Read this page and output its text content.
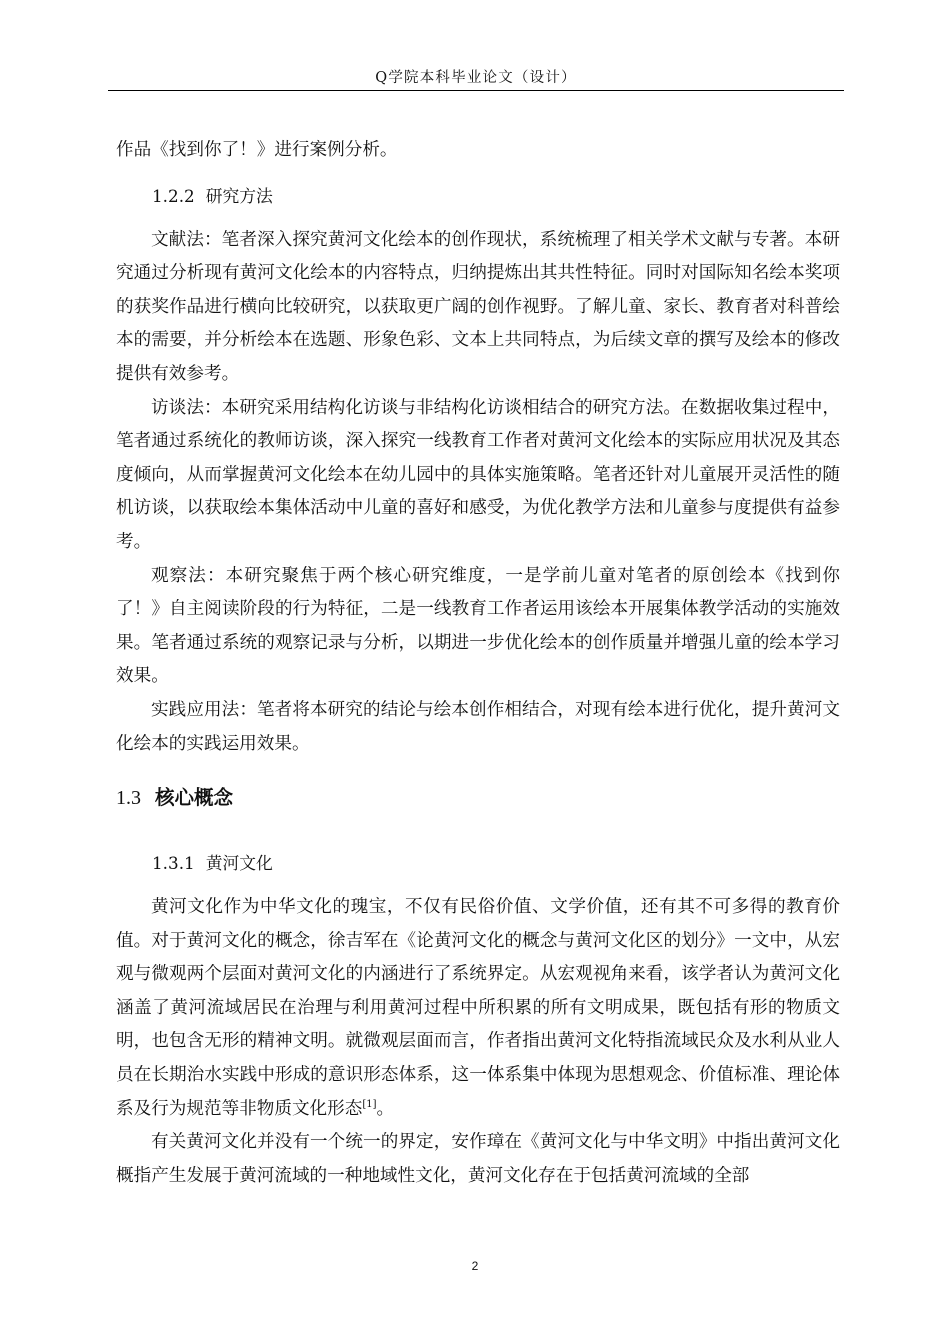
Q学院本科毕业论文（设计）

作品《找到你了！》进行案例分析。

1.2.2 研究方法

文献法：笔者深入探究黄河文化绘本的创作现状，系统梳理了相关学术文献与专著。本研究通过分析现有黄河文化绘本的内容特点，归纳提炼出其共性特征。同时对国际知名绘本奖项的获奖作品进行横向比较研究，以获取更广阔的创作视野。了解儿童、家长、教育者对科普绘本的需要，并分析绘本在选题、形象色彩、文本上共同特点，为后续文章的撰写及绘本的修改提供有效参考。

访谈法：本研究采用结构化访谈与非结构化访谈相结合的研究方法。在数据收集过程中，笔者通过系统化的教师访谈，深入探究一线教育工作者对黄河文化绘本的实际应用状况及其态度倾向，从而掌握黄河文化绘本在幼儿园中的具体实施策略。笔者还针对儿童展开灵活性的随机访谈，以获取绘本集体活动中儿童的喜好和感受，为优化教学方法和儿童参与度提供有益参考。

观察法：本研究聚焦于两个核心研究维度，一是学前儿童对笔者的原创绘本《找到你了！》自主阅读阶段的行为特征，二是一线教育工作者运用该绘本开展集体教学活动的实施效果。笔者通过系统的观察记录与分析，以期进一步优化绘本的创作质量并增强儿童的绘本学习效果。

实践应用法：笔者将本研究的结论与绘本创作相结合，对现有绘本进行优化，提升黄河文化绘本的实践运用效果。

1.3 核心概念
1.3.1 黄河文化

黄河文化作为中华文化的瑰宝，不仅有民俗价值、文学价值，还有其不可多得的教育价值。对于黄河文化的概念，徐吉军在《论黄河文化的概念与黄河文化区的划分》一文中，从宏观与微观两个层面对黄河文化的内涵进行了系统界定。从宏观视角来看，该学者认为黄河文化涵盖了黄河流域居民在治理与利用黄河过程中所积累的所有文明成果，既包括有形的物质文明，也包含无形的精神文明。就微观层面而言，作者指出黄河文化特指流域民众及水利从业人员在长期治水实践中形成的意识形态体系，这一体系集中体现为思想观念、价值标准、理论体系及行为规范等非物质文化形态[1]。

有关黄河文化并没有一个统一的界定，安作璋在《黄河文化与中华文明》中指出黄河文化概指产生发展于黄河流域的一种地域性文化，黄河文化存在于包括黄河流域的全部

2
